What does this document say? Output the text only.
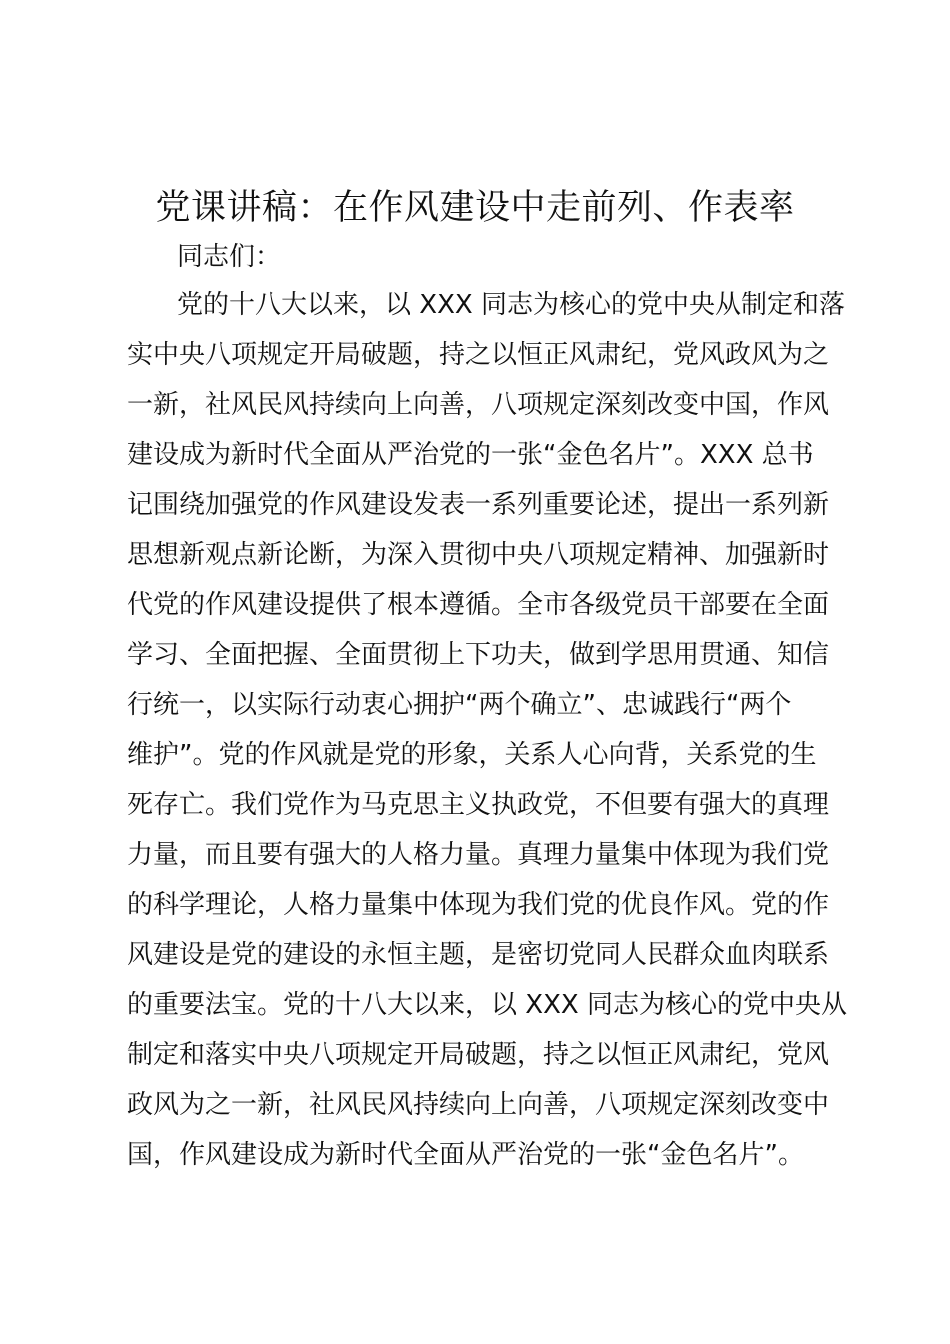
党课讲稿：在作风建设中走前列、作表率

同志们：

党的十八大以来，以 XXX 同志为核心的党中央从制定和落
实中央八项规定开局破题，持之以恒正风肃纪，党风政风为之
一新，社风民风持续向上向善，八项规定深刻改变中国，作风
建设成为新时代全面从严治党的一张“金色名片”。XXX 总书
记围绕加强党的作风建设发表一系列重要论述，提出一系列新
思想新观点新论断，为深入贯彻中央八项规定精神、加强新时
代党的作风建设提供了根本遵循。全市各级党员干部要在全面
学习、全面把握、全面贯彻上下功夫，做到学思用贯通、知信
行统一，以实际行动衷心拥护“两个确立”、忠诚践行“两个
维护”。党的作风就是党的形象，关系人心向背，关系党的生
死存亡。我们党作为马克思主义执政党，不但要有强大的真理
力量，而且要有强大的人格力量。真理力量集中体现为我们党
的科学理论，人格力量集中体现为我们党的优良作风。党的作
风建设是党的建设的永恒主题，是密切党同人民群众血肉联系
的重要法宝。党的十八大以来，以 XXX 同志为核心的党中央从
制定和落实中央八项规定开局破题，持之以恒正风肃纪，党风
政风为之一新，社风民风持续向上向善，八项规定深刻改变中
国，作风建设成为新时代全面从严治党的一张“金色名片”。
